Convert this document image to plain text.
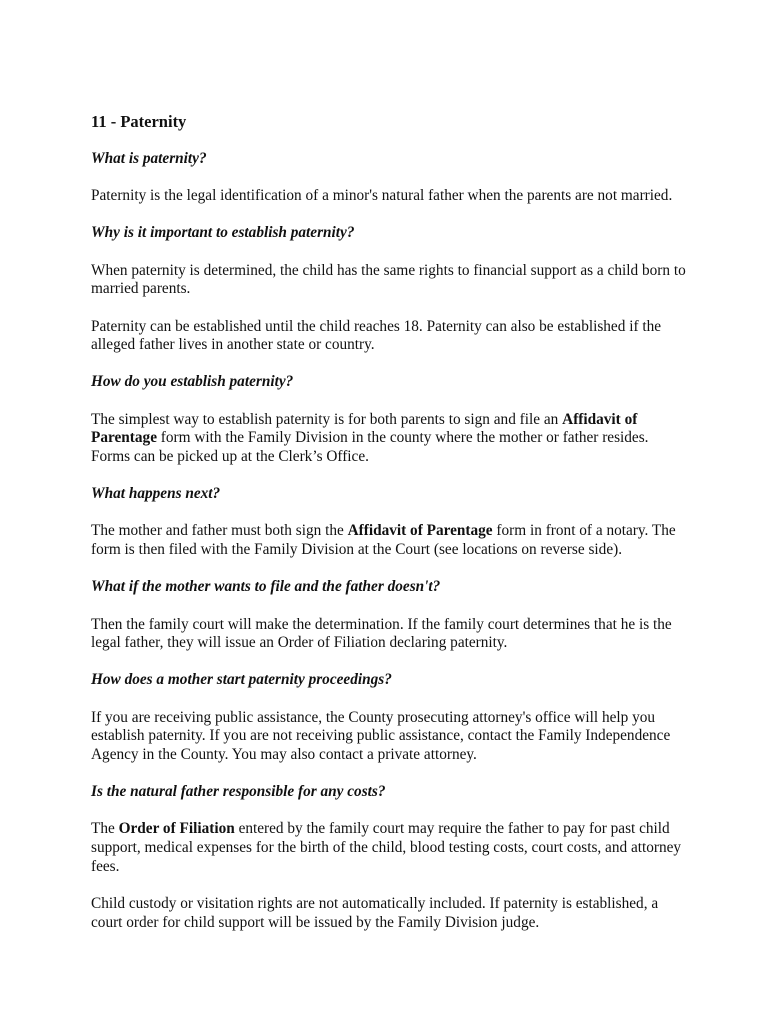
11 - Paternity
What is paternity?
Paternity is the legal identification of a minor's natural father when the parents are not married.
Why is it important to establish paternity?
When paternity is determined, the child has the same rights to financial support as a child born to married parents.
Paternity can be established until the child reaches 18. Paternity can also be established if the alleged father lives in another state or country.
How do you establish paternity?
The simplest way to establish paternity is for both parents to sign and file an Affidavit of Parentage form with the Family Division in the county where the mother or father resides. Forms can be picked up at the Clerk’s Office.
What happens next?
The mother and father must both sign the Affidavit of Parentage form in front of a notary. The form is then filed with the Family Division at the Court (see locations on reverse side).
What if the mother wants to file and the father doesn't?
Then the family court will make the determination. If the family court determines that he is the legal father, they will issue an Order of Filiation declaring paternity.
How does a mother start paternity proceedings?
If you are receiving public assistance, the County prosecuting attorney's office will help you establish paternity. If you are not receiving public assistance, contact the Family Independence Agency in the County. You may also contact a private attorney.
Is the natural father responsible for any costs?
The Order of Filiation entered by the family court may require the father to pay for past child support, medical expenses for the birth of the child, blood testing costs, court costs, and attorney fees.
Child custody or visitation rights are not automatically included. If paternity is established, a court order for child support will be issued by the Family Division judge.
